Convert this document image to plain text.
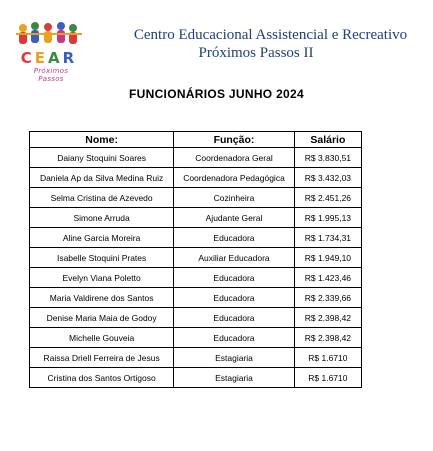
CEAR
Próximos Passos
Centro Educacional Assistencial e Recreativo
Próximos Passos II
FUNCIONÁRIOS JUNHO 2024
Nome:	Função:	Salário
Daiany Stoquini Soares	Coordenadora Geral	R$ 3.830,51
Daniela Ap da Silva Medina Ruiz	Coordenadora Pedagógica	R$ 3.432,03
Selma Cristina de Azevedo	Cozinheira	R$ 2.451,26
Simone Arruda	Ajudante Geral	R$ 1.995,13
Aline Garcia Moreira	Educadora	R$ 1.734,31
Isabelle Stoquini Prates	Auxiliar Educadora	R$ 1.949,10
Evelyn Viana Poletto	Educadora	R$ 1.423,46
Maria Valdirene dos Santos	Educadora	R$ 2.339,66
Denise Maria Maia de Godoy	Educadora	R$ 2.398,42
Michelle Gouveia	Educadora	R$ 2.398,42
Raissa Driell Ferreira de Jesus	Estagiaria	R$ 1.6710
Cristina dos Santos Ortigoso	Estagiaria	R$ 1.6710
